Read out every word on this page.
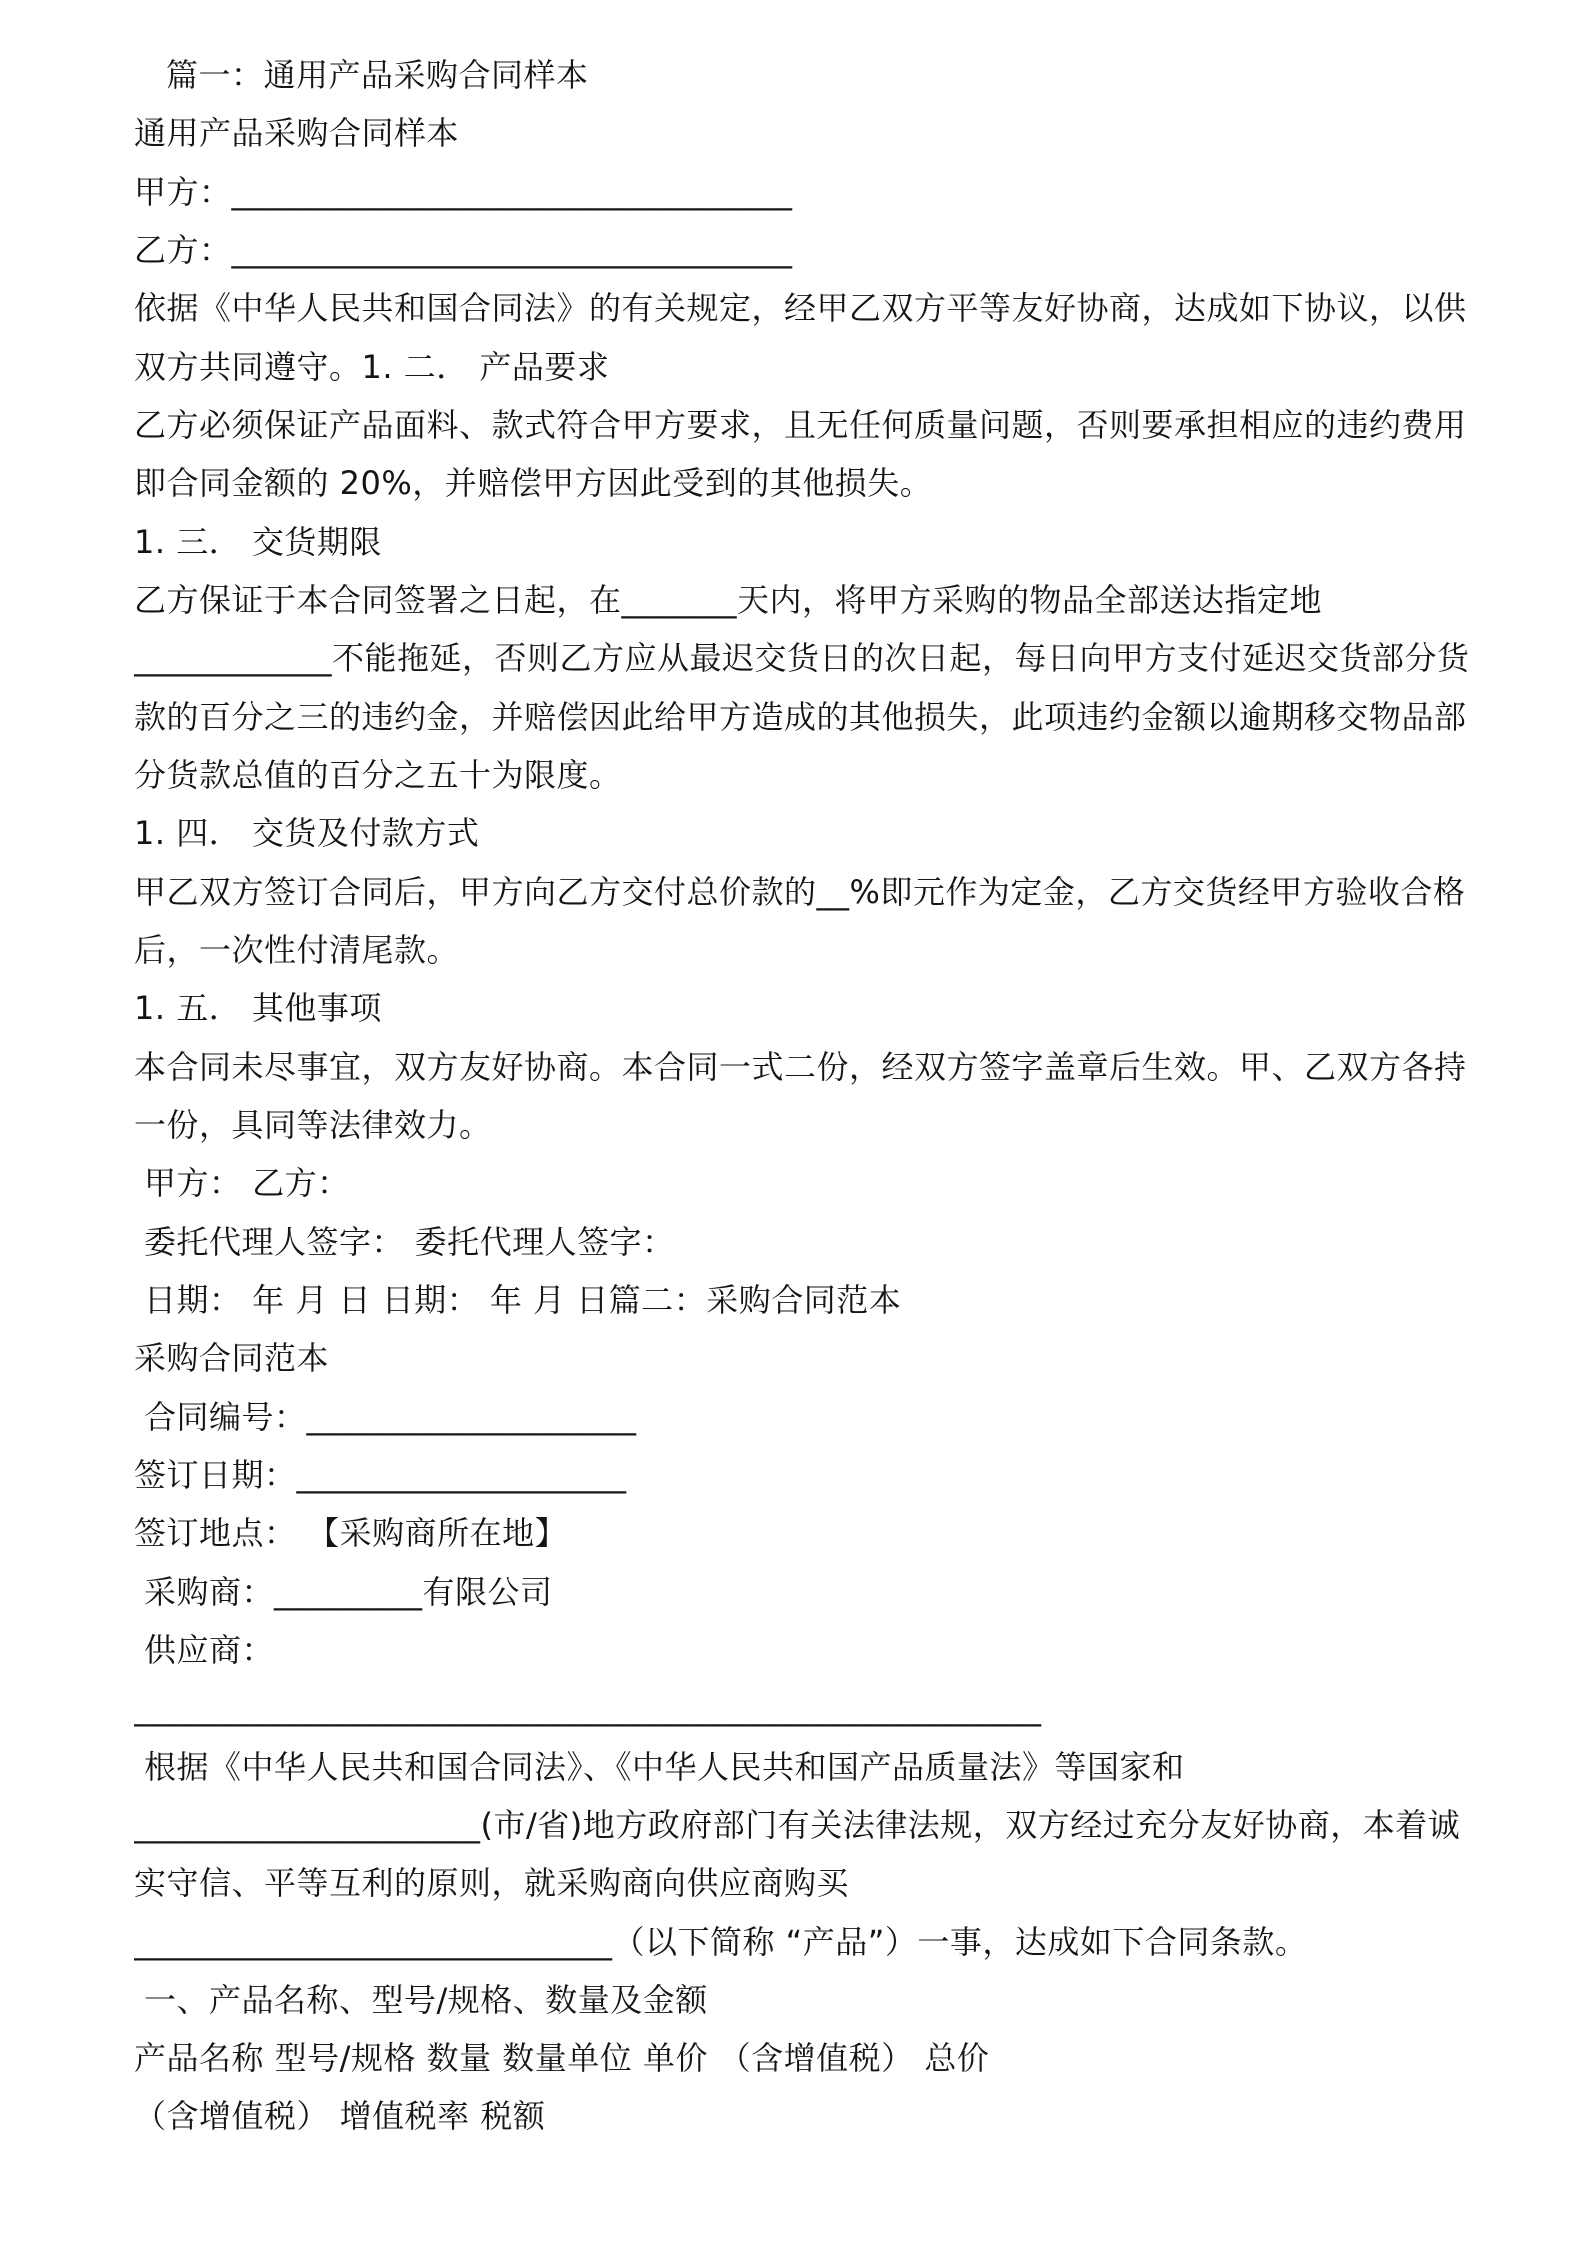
篇一：通用产品采购合同样本
通用产品采购合同样本
甲方：__________________________________
乙方：__________________________________
依据《中华人民共和国合同法》的有关规定，经甲乙双方平等友好协商，达成如下协议，以供
双方共同遵守。1. 二． 产品要求
乙方必须保证产品面料、款式符合甲方要求，且无任何质量问题，否则要承担相应的违约费用
即合同金额的 20%，并赔偿甲方因此受到的其他损失。
1. 三． 交货期限
乙方保证于本合同签署之日起，在_______天内，将甲方采购的物品全部送达指定地
____________不能拖延，否则乙方应从最迟交货日的次日起，每日向甲方支付延迟交货部分货
款的百分之三的违约金，并赔偿因此给甲方造成的其他损失，此项违约金额以逾期移交物品部
分货款总值的百分之五十为限度。
1. 四． 交货及付款方式
甲乙双方签订合同后，甲方向乙方交付总价款的__%即元作为定金，乙方交货经甲方验收合格
后，一次性付清尾款。
1. 五． 其他事项
本合同未尽事宜，双方友好协商。本合同一式二份，经双方签字盖章后生效。甲、乙双方各持
一份，具同等法律效力。
甲方： 乙方：
委托代理人签字： 委托代理人签字：
日期： 年 月 日 日期： 年 月 日篇二：采购合同范本
采购合同范本
合同编号：____________________
签订日期：____________________
签订地点： 【采购商所在地】
采购商：_________有限公司
供应商：
_______________________________________________________
根据《中华人民共和国合同法》、《中华人民共和国产品质量法》等国家和
_____________________(市/省)地方政府部门有关法律法规，双方经过充分友好协商，本着诚
实守信、平等互利的原则，就采购商向供应商购买
_____________________________（以下简称 “产品”）一事，达成如下合同条款。
一、产品名称、型号/规格、数量及金额
产品名称 型号/规格 数量 数量单位 单价 （含增值税） 总价
（含增值税） 增值税率 税额
